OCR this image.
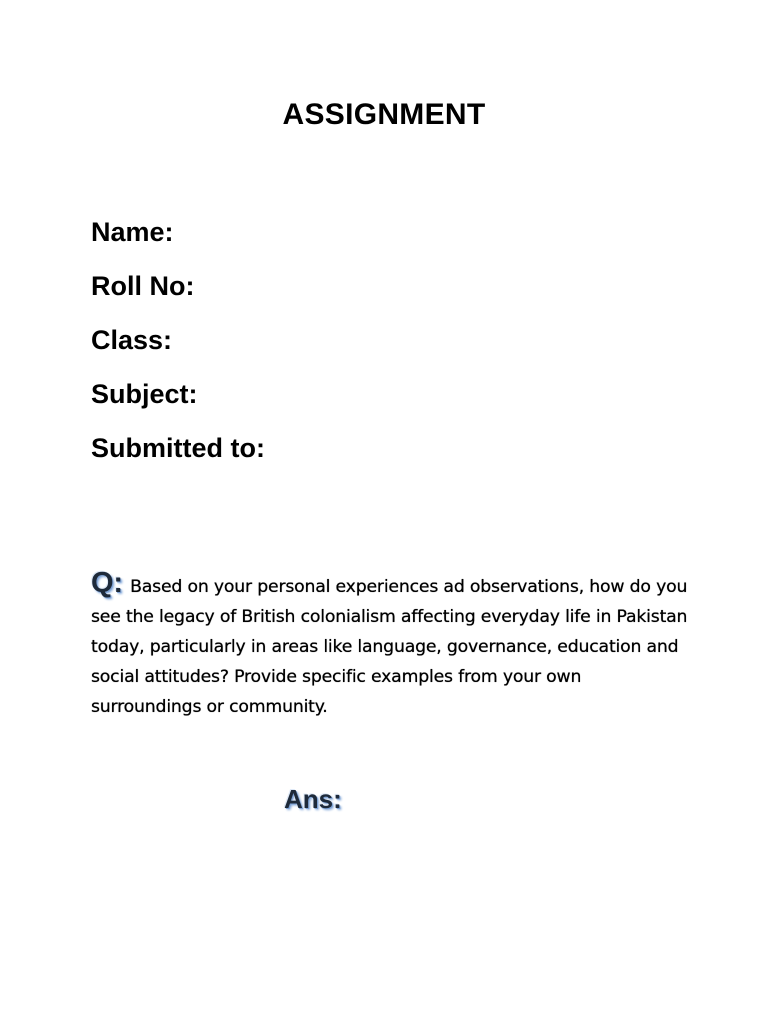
ASSIGNMENT
Name:
Roll No:
Class:
Subject:
Submitted to:

Q: Based on your personal experiences ad observations, how do you see the legacy of British colonialism affecting everyday life in Pakistan today, particularly in areas like language, governance, education and social attitudes? Provide specific examples from your own surroundings or community.

Ans:
